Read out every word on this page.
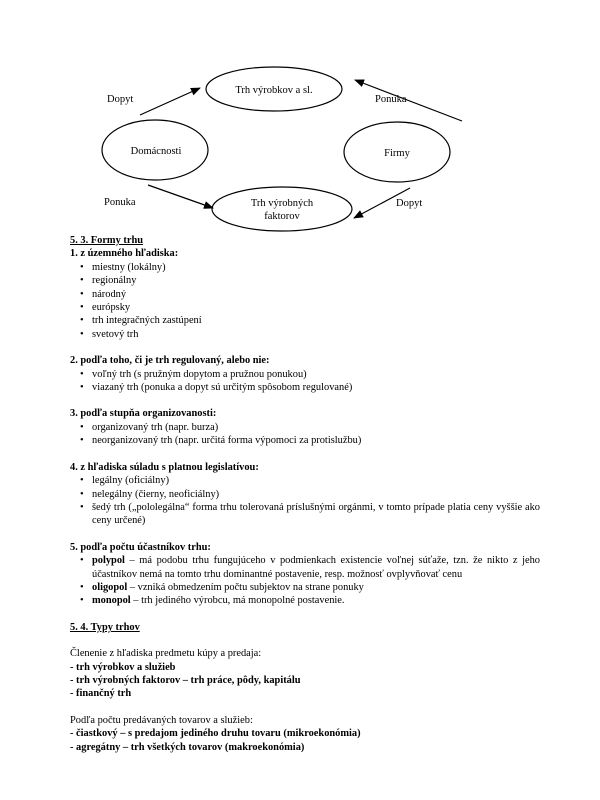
Trh výrobkov a sl.
Domácnosti	Firmy
Trh výrobných
faktorov
Dopyt	Ponuka
Ponuka	Dopyt
5. 3. Formy trhu
1. z územného hľadiska:
• miestny (lokálny)
• regionálny
• národný
• európsky
• trh integračných zastúpení
• svetový trh
2. podľa toho, či je trh regulovaný, alebo nie:
• voľný trh (s pružným dopytom a pružnou ponukou)
• viazaný trh (ponuka a dopyt sú určitým spôsobom regulované)
3. podľa stupňa organizovanosti:
• organizovaný trh (napr. burza)
• neorganizovaný trh (napr. určitá forma výpomoci za protislužbu)
4. z hľadiska súladu s platnou legislatívou:
• legálny (oficiálny)
• nelegálny (čierny, neoficiálny)
• šedý trh („pololegálna“ forma trhu tolerovaná príslušnými orgánmi, v tomto prípade platia ceny vyššie ako ceny určené)
5. podľa počtu účastníkov trhu:
• polypol – má podobu trhu fungujúceho v podmienkach existencie voľnej súťaže, tzn. že nikto z jeho účastníkov nemá na tomto trhu dominantné postavenie, resp. možnosť ovplyvňovať cenu
• oligopol – vzniká obmedzením počtu subjektov na strane ponuky
• monopol – trh jediného výrobcu, má monopolné postavenie.
5. 4. Typy trhov
Členenie z hľadiska predmetu kúpy a predaja:
- trh výrobkov a služieb
- trh výrobných faktorov – trh práce, pôdy, kapitálu
- finančný trh
Podľa počtu predávaných tovarov a služieb:
- čiastkový – s predajom jediného druhu tovaru (mikroekonómia)
- agregátny – trh všetkých tovarov (makroekonómia)
